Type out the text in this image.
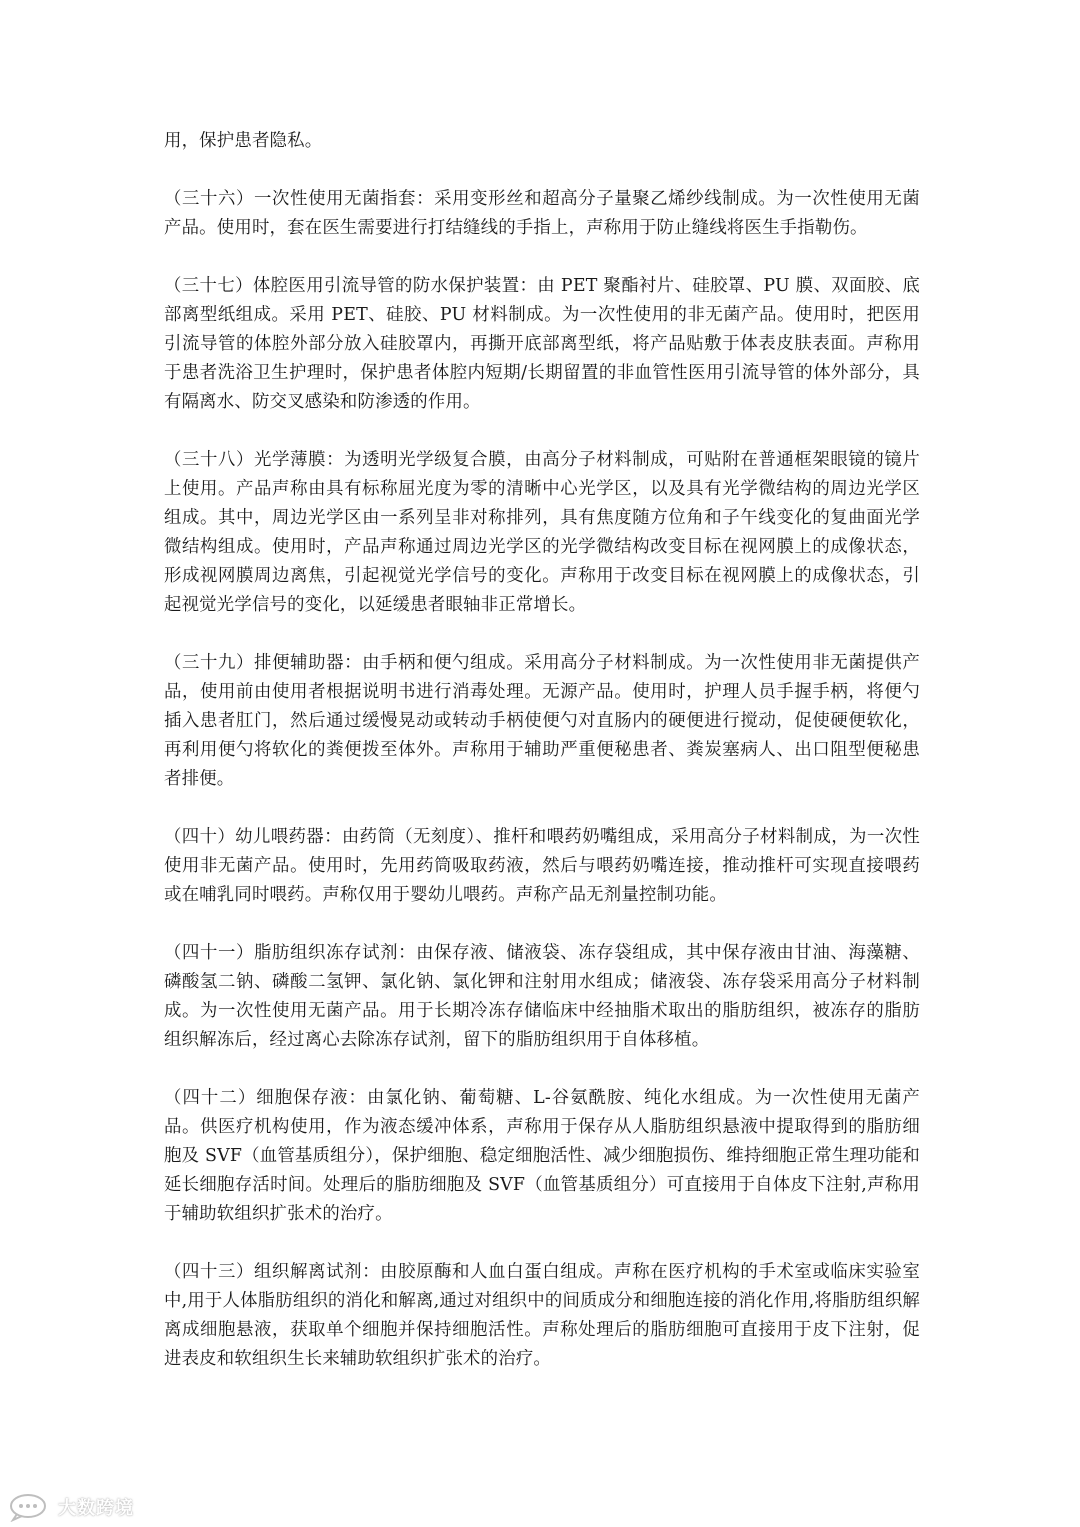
用，保护患者隐私。

（三十六）一次性使用无菌指套：采用变形丝和超高分子量聚乙烯纱线制成。为一次性使用无菌产品。使用时，套在医生需要进行打结缝线的手指上，声称用于防止缝线将医生手指勒伤。

（三十七）体腔医用引流导管的防水保护装置：由 PET 聚酯衬片、硅胶罩、PU 膜、双面胶、底部离型纸组成。采用 PET、硅胶、PU 材料制成。为一次性使用的非无菌产品。使用时，把医用引流导管的体腔外部分放入硅胶罩内，再撕开底部离型纸，将产品贴敷于体表皮肤表面。声称用于患者洗浴卫生护理时，保护患者体腔内短期/长期留置的非血管性医用引流导管的体外部分，具有隔离水、防交叉感染和防渗透的作用。

（三十八）光学薄膜：为透明光学级复合膜，由高分子材料制成，可贴附在普通框架眼镜的镜片上使用。产品声称由具有标称屈光度为零的清晰中心光学区，以及具有光学微结构的周边光学区组成。其中，周边光学区由一系列呈非对称排列，具有焦度随方位角和子午线变化的复曲面光学微结构组成。使用时，产品声称通过周边光学区的光学微结构改变目标在视网膜上的成像状态，形成视网膜周边离焦，引起视觉光学信号的变化。声称用于改变目标在视网膜上的成像状态，引起视觉光学信号的变化，以延缓患者眼轴非正常增长。

（三十九）排便辅助器：由手柄和便勺组成。采用高分子材料制成。为一次性使用非无菌提供产品，使用前由使用者根据说明书进行消毒处理。无源产品。使用时，护理人员手握手柄，将便勺插入患者肛门，然后通过缓慢晃动或转动手柄使便勺对直肠内的硬便进行搅动，促使硬便软化，再利用便勺将软化的粪便拨至体外。声称用于辅助严重便秘患者、粪炭塞病人、出口阻型便秘患者排便。

（四十）幼儿喂药器：由药筒（无刻度）、推杆和喂药奶嘴组成，采用高分子材料制成，为一次性使用非无菌产品。使用时，先用药筒吸取药液，然后与喂药奶嘴连接，推动推杆可实现直接喂药或在哺乳同时喂药。声称仅用于婴幼儿喂药。声称产品无剂量控制功能。

（四十一）脂肪组织冻存试剂：由保存液、储液袋、冻存袋组成，其中保存液由甘油、海藻糖、磷酸氢二钠、磷酸二氢钾、氯化钠、氯化钾和注射用水组成；储液袋、冻存袋采用高分子材料制成。为一次性使用无菌产品。用于长期冷冻存储临床中经抽脂术取出的脂肪组织，被冻存的脂肪组织解冻后，经过离心去除冻存试剂，留下的脂肪组织用于自体移植。

（四十二）细胞保存液：由氯化钠、葡萄糖、L-谷氨酰胺、纯化水组成。为一次性使用无菌产品。供医疗机构使用，作为液态缓冲体系，声称用于保存从人脂肪组织悬液中提取得到的脂肪细胞及 SVF（血管基质组分），保护细胞、稳定细胞活性、减少细胞损伤、维持细胞正常生理功能和延长细胞存活时间。处理后的脂肪细胞及 SVF（血管基质组分）可直接用于自体皮下注射,声称用于辅助软组织扩张术的治疗。

（四十三）组织解离试剂：由胶原酶和人血白蛋白组成。声称在医疗机构的手术室或临床实验室中,用于人体脂肪组织的消化和解离,通过对组织中的间质成分和细胞连接的消化作用,将脂肪组织解离成细胞悬液，获取单个细胞并保持细胞活性。声称处理后的脂肪细胞可直接用于皮下注射，促进表皮和软组织生长来辅助软组织扩张术的治疗。

大数跨境
